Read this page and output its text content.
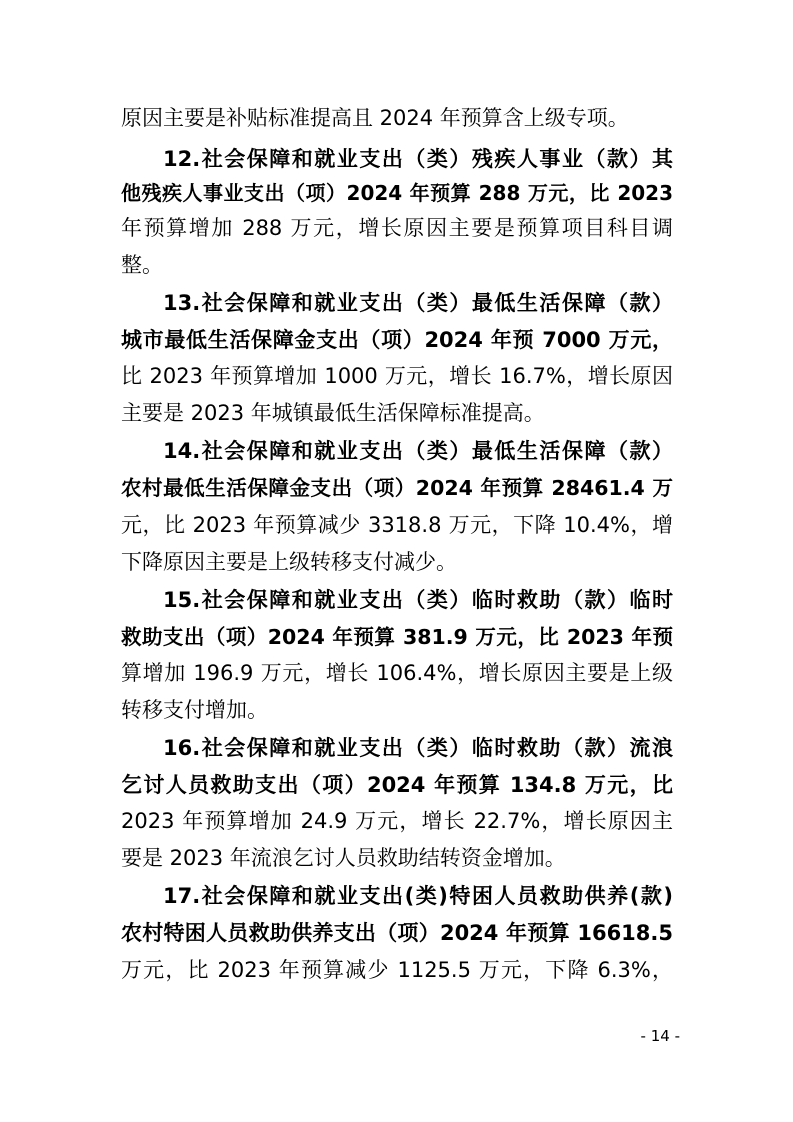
原因主要是补贴标准提高且 2024 年预算含上级专项。
12.社会保障和就业支出（类）残疾人事业（款）其
他残疾人事业支出（项）2024 年预算 288 万元，比 2023
年预算增加 288 万元，增长原因主要是预算项目科目调
整。
13.社会保障和就业支出（类）最低生活保障（款）
城市最低生活保障金支出（项）2024 年预 7000 万元，
比 2023 年预算增加 1000 万元，增长 16.7%，增长原因
主要是 2023 年城镇最低生活保障标准提高。
14.社会保障和就业支出（类）最低生活保障（款）
农村最低生活保障金支出（项）2024 年预算 28461.4 万
元，比 2023 年预算减少 3318.8 万元，下降 10.4%，增
下降原因主要是上级转移支付减少。
15.社会保障和就业支出（类）临时救助（款）临时
救助支出（项）2024 年预算 381.9 万元，比 2023 年预
算增加 196.9 万元，增长 106.4%，增长原因主要是上级
转移支付增加。
16.社会保障和就业支出（类）临时救助（款）流浪
乞讨人员救助支出（项）2024 年预算 134.8 万元，比
2023 年预算增加 24.9 万元，增长 22.7%，增长原因主
要是 2023 年流浪乞讨人员救助结转资金增加。
17.社会保障和就业支出(类)特困人员救助供养(款)
农村特困人员救助供养支出（项）2024 年预算 16618.5
万元，比 2023 年预算减少 1125.5 万元，下降 6.3%，
- 14 -
